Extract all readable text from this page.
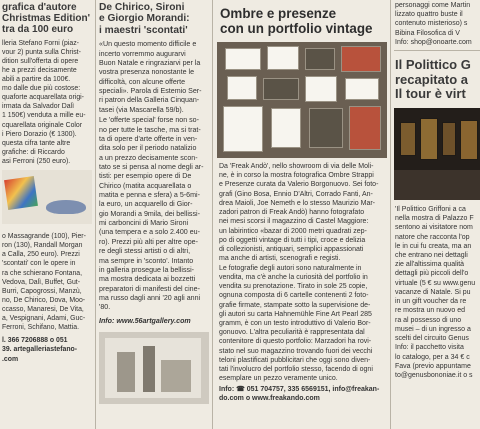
grafica d'autore
Christmas Edition'
tra da 100 euro
lleria Stefano Forni (piaz-
vour 2) punta sulla Christ-
dition sull'offerta di opere
he a prezzi decisamente
abili a partire da 100€.
mo dalle due più costose:
quaforte acquarellata origi-
irmata da Salvador Dalì
1 150€) venduta a mille eu-
cquarellata originale Color
i Piero Dorazio (€ 1300).
questa cifra tante altre
grafiche: di Riccardo
asi Ferroni (250 euro).
o Massagrande (100), Pier-
ron (130), Randall Morgan
a Calla, 250 euro). Prezzi
'scontati' con le opere in
ra che schierano Fontana,
Vedova, Dalì, Buffet, Gut-
Burri, Capogrossi, Manzù,
no, De Chirico, Dova, Moo-
ccasso, Manaresi, De Vita,
a, Vespignani, Adami, Guc-
Ferroni, Schifano, Mattia.
l. 366 7206888 o 051
39. artegalleriastefano-
.com
De Chirico, Sironi
e Giorgio Morandi:
i maestri 'scontati'
«Un questo momento difficile e
incerto vorremmo augurarvi
Buon Natale e ringraziarvi per la
vostra presenza nonostante le
difficoltà, con alcune offerte
speciali». Parola di Estemio Ser-
ri patron della Galleria Cinquan-
tasei (via Mascarella 59/b).
Le 'offerte special' forse non so-
no per tutte le tasche, ma si trat-
ta di opere d'arte offerte in ven-
dita solo per il periodo natalizio
a un prezzo decisamente scon-
tato se si pensa al nome degli ar-
tisti: per esempio opere di De
Chirico (matita acquarellata o
matita e penna e sfera) a 5-6mi-
la euro, un acquarello di Gior-
gio Morandi a 9mila, dei bellissi-
mi carboncini di Mario Sironi
(una tempera e a solo 2.400 eu-
ro). Prezzi più alti per altre ope-
re degli stessi artisti o di altri,
ma sempre in 'sconto'. Intanto
in galleria prosegue la bellissi-
ma mostra dedicata ai bozzetti
preparatori di manifesti del cine-
ma russo dagli anni '20 agli anni
'80.
Info: www.56artgallery.com
Ombre e presenze
con un portfolio vintage
Da 'Freak Andò', nello showroom di via delle Moli-
ne, è in corso la mostra fotografica Ombre Strappi
e Presenze curata da Valerio Borgonuovo. Sei foto-
grafi (Gino Bosa, Ennio D'Altri, Corrado Fanti, An-
drea Maioli, Joe Nemeth e lo stesso Maurizio Mar-
zadori patron di Freak Andò) hanno fotografato
nei mesi scorsi il magazzino di Castel Maggiore:
un labirintico «bazar di 2000 metri quadrati zep-
po di oggetti vintage di tutti i tipi, croce e delizia
di collezionisti, antiquari, semplici appassionati
ma anche di artisti, scenografi e registi.
Le fotografie degli autori sono naturalmente in
vendita, ma c'è anche la curiosità del portfolio in
vendita su prenotazione. Tirato in sole 25 copie,
ognuna composta di 6 cartelle contenenti 2 foto-
grafie firmate, stampate sotto la supervisione de-
gli autori su carta Hahnemühle Fine Art Pearl 285
gramm, è con un testo introduttivo di Valerio Bor-
gonuovo. L'altra peculiarità è rappresentata dal
contenitore di questo portfolio: Marzadori ha rovi-
stato nel suo magazzino trovando fuori dei vecchi
teloni plastificati pubblicitari che oggi sono diven-
tati l'involucro del portfolio stesso, facendo di ogni
esemplare un pezzo veramente unico.
Info: ☎ 051 704757, 335 6569151, info@freakan-
do.com o www.freakando.com
personaggi come Martin
lizzato quattro buste il
contenuto misterioso) s
Bibina Filosofica di V
Info: shop@onoarte.com
Il Polittico G
recapitato a
Il tour è virt
'Il Polittico Griffoni a ca
nella mostra di Palazzo F
sentono ai visitatore nom
natore che racconta l'op
le in cui fu creata, ma an
che entrano nei dettagli
zie all'altissima qualità
dettagli più piccoli dell'o
virtuale (5 € su www.genu
vacanze di Natale. Si pu
in un gift voucher da re
re mostra un nuovo ed
ra al possesso di uno
musei – di un ingresso a
scelti del circuito Genus
Info: il pacchetto visita
lo catalogo, per a 34 € c
Fava (previo appuntame
to@genusbononiae.it o s
